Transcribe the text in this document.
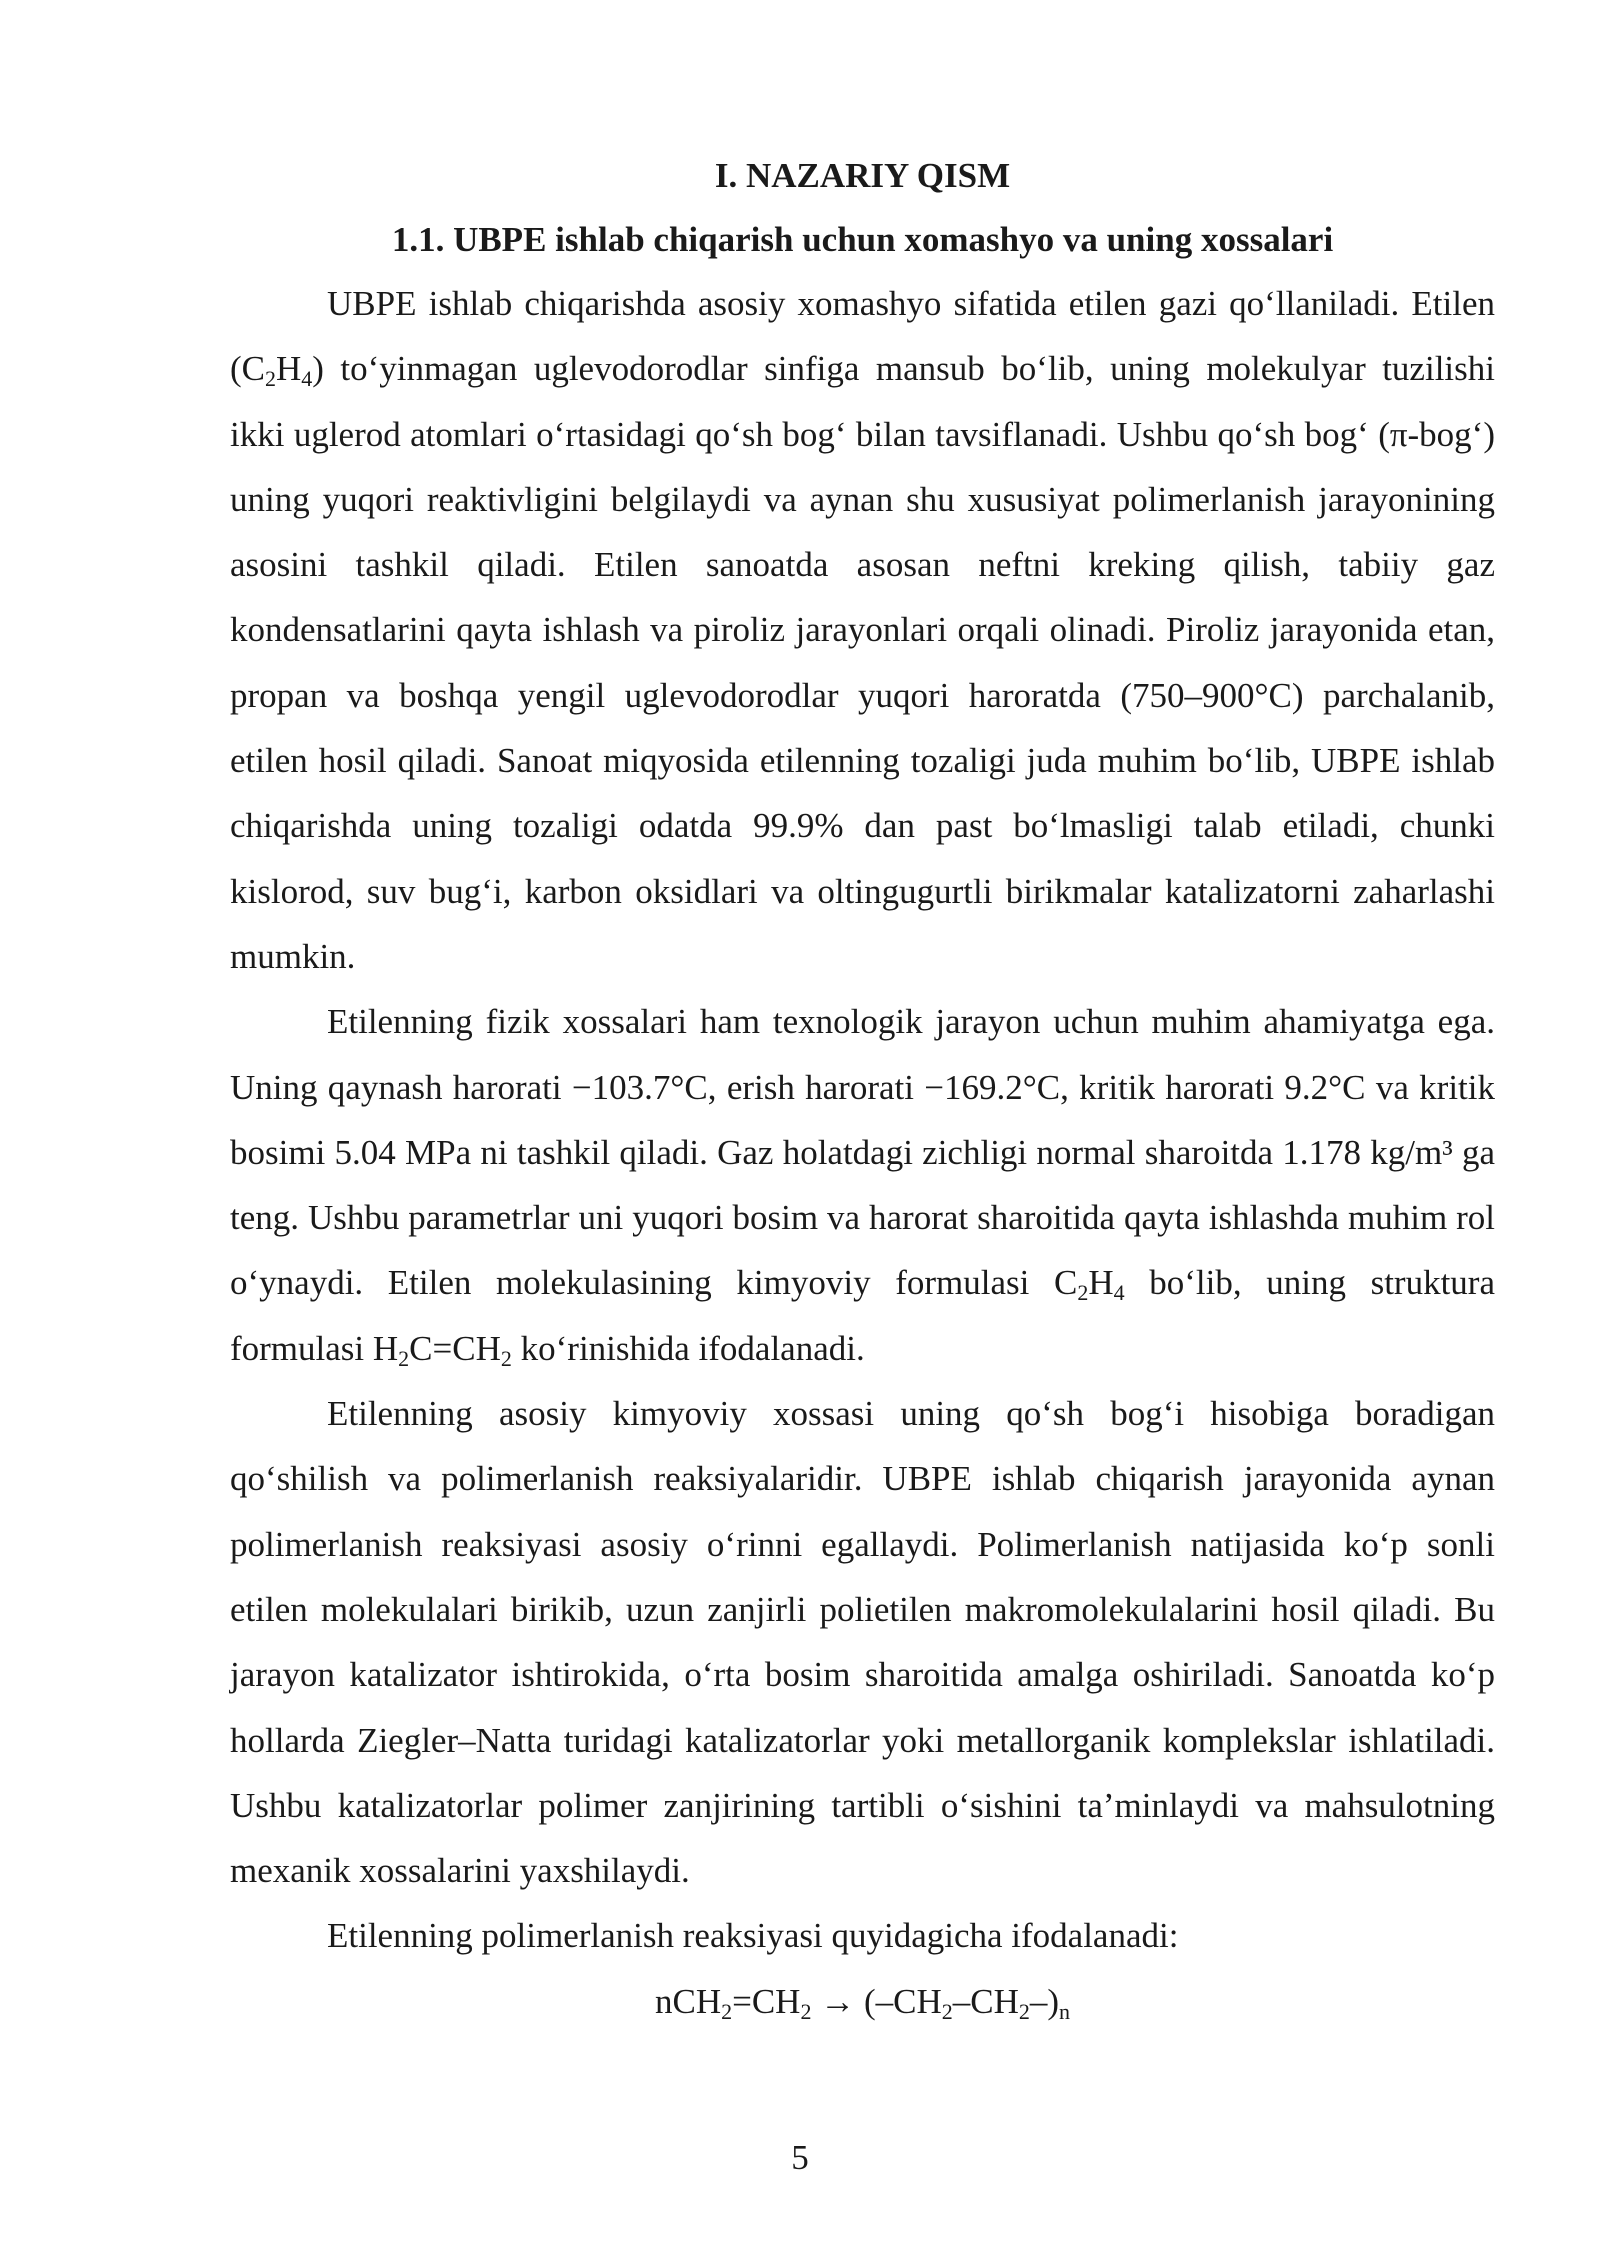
I. NAZARIY QISM
1.1. UBPE ishlab chiqarish uchun xomashyo va uning xossalari

UBPE ishlab chiqarishda asosiy xomashyo sifatida etilen gazi qo‘llaniladi. Etilen $(C_2H_4)$ to‘yinmagan uglevodorodlar sinfiga mansub bo‘lib, uning molekulyar tuzilishi ikki uglerod atomlari o‘rtasidagi qo‘sh bog‘ bilan tavsiflanadi. Ushbu qo‘sh bog‘ (π-bog‘) uning yuqori reaktivligini belgilaydi va aynan shu xususiyat polimerlanish jarayonining asosini tashkil qiladi. Etilen sanoatda asosan neftni kreking qilish, tabiiy gaz kondensatlarini qayta ishlash va piroliz jarayonlari orqali olinadi. Piroliz jarayonida etan, propan va boshqa yengil uglevodorodlar yuqori haroratda (750–900°C) parchalanib, etilen hosil qiladi. Sanoat miqyosida etilenning tozaligi juda muhim bo‘lib, UBPE ishlab chiqarishda uning tozaligi odatda 99.9% dan past bo‘lmasligi talab etiladi, chunki kislorod, suv bug‘i, karbon oksidlari va oltingugurtli birikmalar katalizatorni zaharlashi mumkin.

Etilenning fizik xossalari ham texnologik jarayon uchun muhim ahamiyatga ega. Uning qaynash harorati −103.7°C, erish harorati −169.2°C, kritik harorati 9.2°C va kritik bosimi 5.04 MPa ni tashkil qiladi. Gaz holatdagi zichligi normal sharoitda 1.178 kg/m³ ga teng. Ushbu parametrlar uni yuqori bosim va harorat sharoitida qayta ishlashda muhim rol o‘ynaydi. Etilen molekulasining kimyoviy formulasi $C_2H_4$ bo‘lib, uning struktura formulasi $H_2C=CH_2$ ko‘rinishida ifodalanadi.

Etilenning asosiy kimyoviy xossasi uning qo‘sh bog‘i hisobiga boradigan qo‘shilish va polimerlanish reaksiyalaridir. UBPE ishlab chiqarish jarayonida aynan polimerlanish reaksiyasi asosiy o‘rinni egallaydi. Polimerlanish natijasida ko‘p sonli etilen molekulalari birikib, uzun zanjirli polietilen makromolekulalarini hosil qiladi. Bu jarayon katalizator ishtirokida, o‘rta bosim sharoitida amalga oshiriladi. Sanoatda ko‘p hollarda Ziegler–Natta turidagi katalizatorlar yoki metallorganik komplekslar ishlatiladi. Ushbu katalizatorlar polimer zanjirining tartibli o‘sishini ta’minlaydi va mahsulotning mexanik xossalarini yaxshilaydi.

Etilenning polimerlanish reaksiyasi quyidagicha ifodalanadi:

$nCH_2=CH_2 \to (-CH_2-CH_2-)_n$

5
